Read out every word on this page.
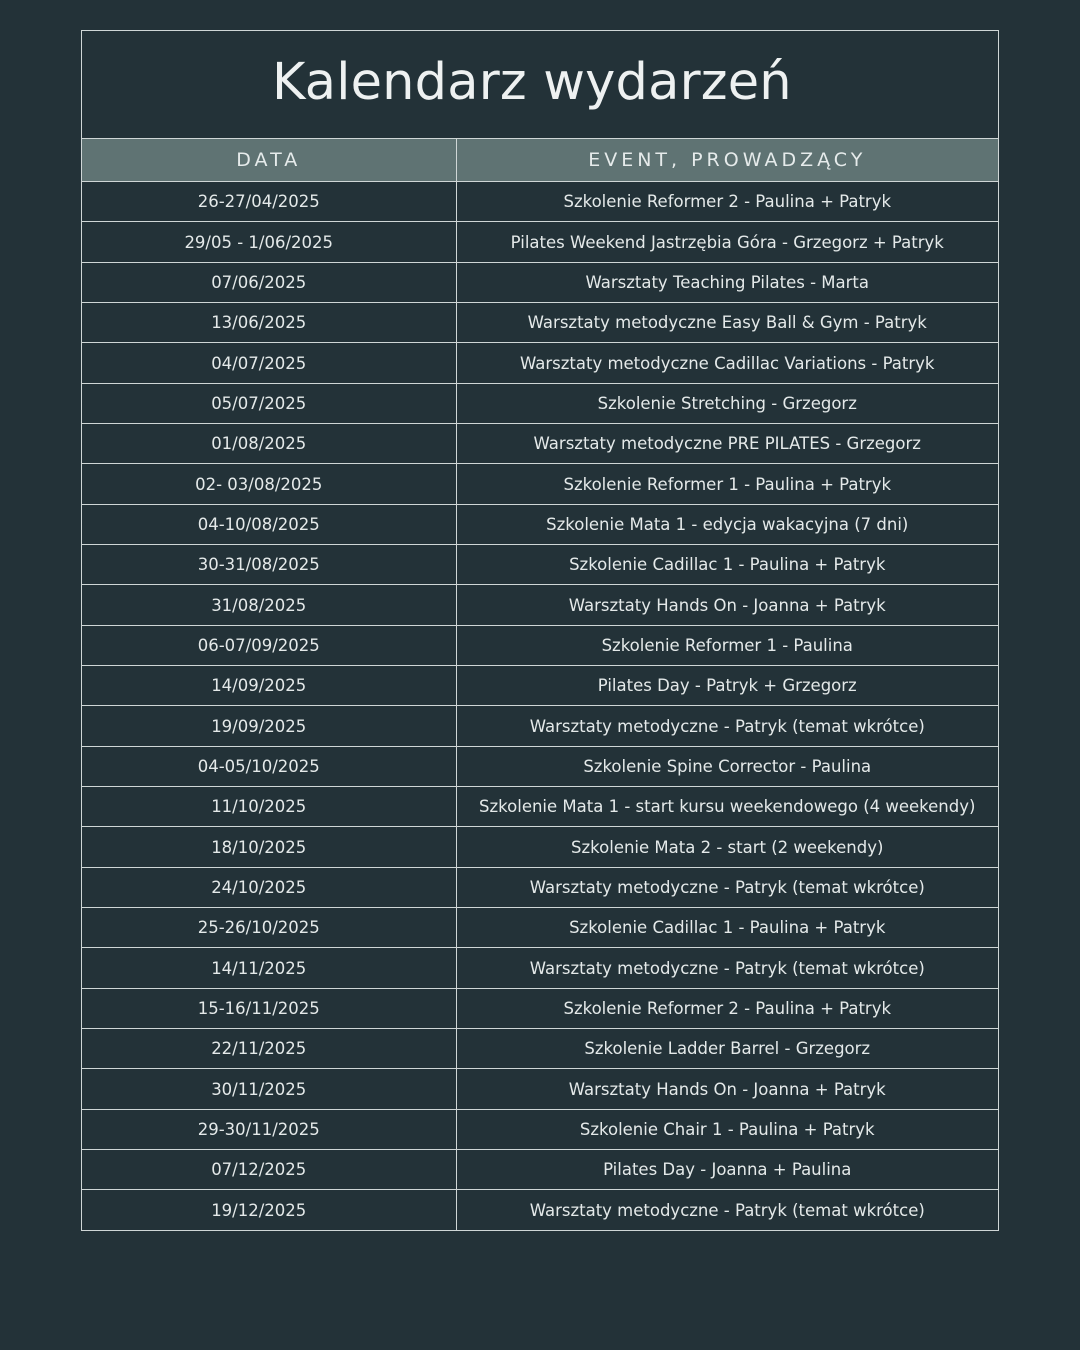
Kalendarz wydarzeń
DATA	EVENT, PROWADZĄCY
26-27/04/2025	Szkolenie Reformer 2 - Paulina + Patryk
29/05 - 1/06/2025	Pilates Weekend Jastrzębia Góra - Grzegorz + Patryk
07/06/2025	Warsztaty Teaching Pilates - Marta
13/06/2025	Warsztaty metodyczne Easy Ball & Gym - Patryk
04/07/2025	Warsztaty metodyczne Cadillac Variations - Patryk
05/07/2025	Szkolenie Stretching - Grzegorz
01/08/2025	Warsztaty metodyczne PRE PILATES - Grzegorz
02- 03/08/2025	Szkolenie Reformer 1 - Paulina + Patryk
04-10/08/2025	Szkolenie Mata 1 - edycja wakacyjna (7 dni)
30-31/08/2025	Szkolenie Cadillac 1 - Paulina + Patryk
31/08/2025	Warsztaty Hands On - Joanna + Patryk
06-07/09/2025	Szkolenie Reformer 1 - Paulina
14/09/2025	Pilates Day - Patryk + Grzegorz
19/09/2025	Warsztaty metodyczne - Patryk (temat wkrótce)
04-05/10/2025	Szkolenie Spine Corrector - Paulina
11/10/2025	Szkolenie Mata 1 - start kursu weekendowego (4 weekendy)
18/10/2025	Szkolenie Mata 2 - start (2 weekendy)
24/10/2025	Warsztaty metodyczne - Patryk (temat wkrótce)
25-26/10/2025	Szkolenie Cadillac 1 - Paulina + Patryk
14/11/2025	Warsztaty metodyczne - Patryk (temat wkrótce)
15-16/11/2025	Szkolenie Reformer 2 - Paulina + Patryk
22/11/2025	Szkolenie Ladder Barrel - Grzegorz
30/11/2025	Warsztaty Hands On - Joanna + Patryk
29-30/11/2025	Szkolenie Chair 1 - Paulina + Patryk
07/12/2025	Pilates Day - Joanna + Paulina
19/12/2025	Warsztaty metodyczne - Patryk (temat wkrótce)
